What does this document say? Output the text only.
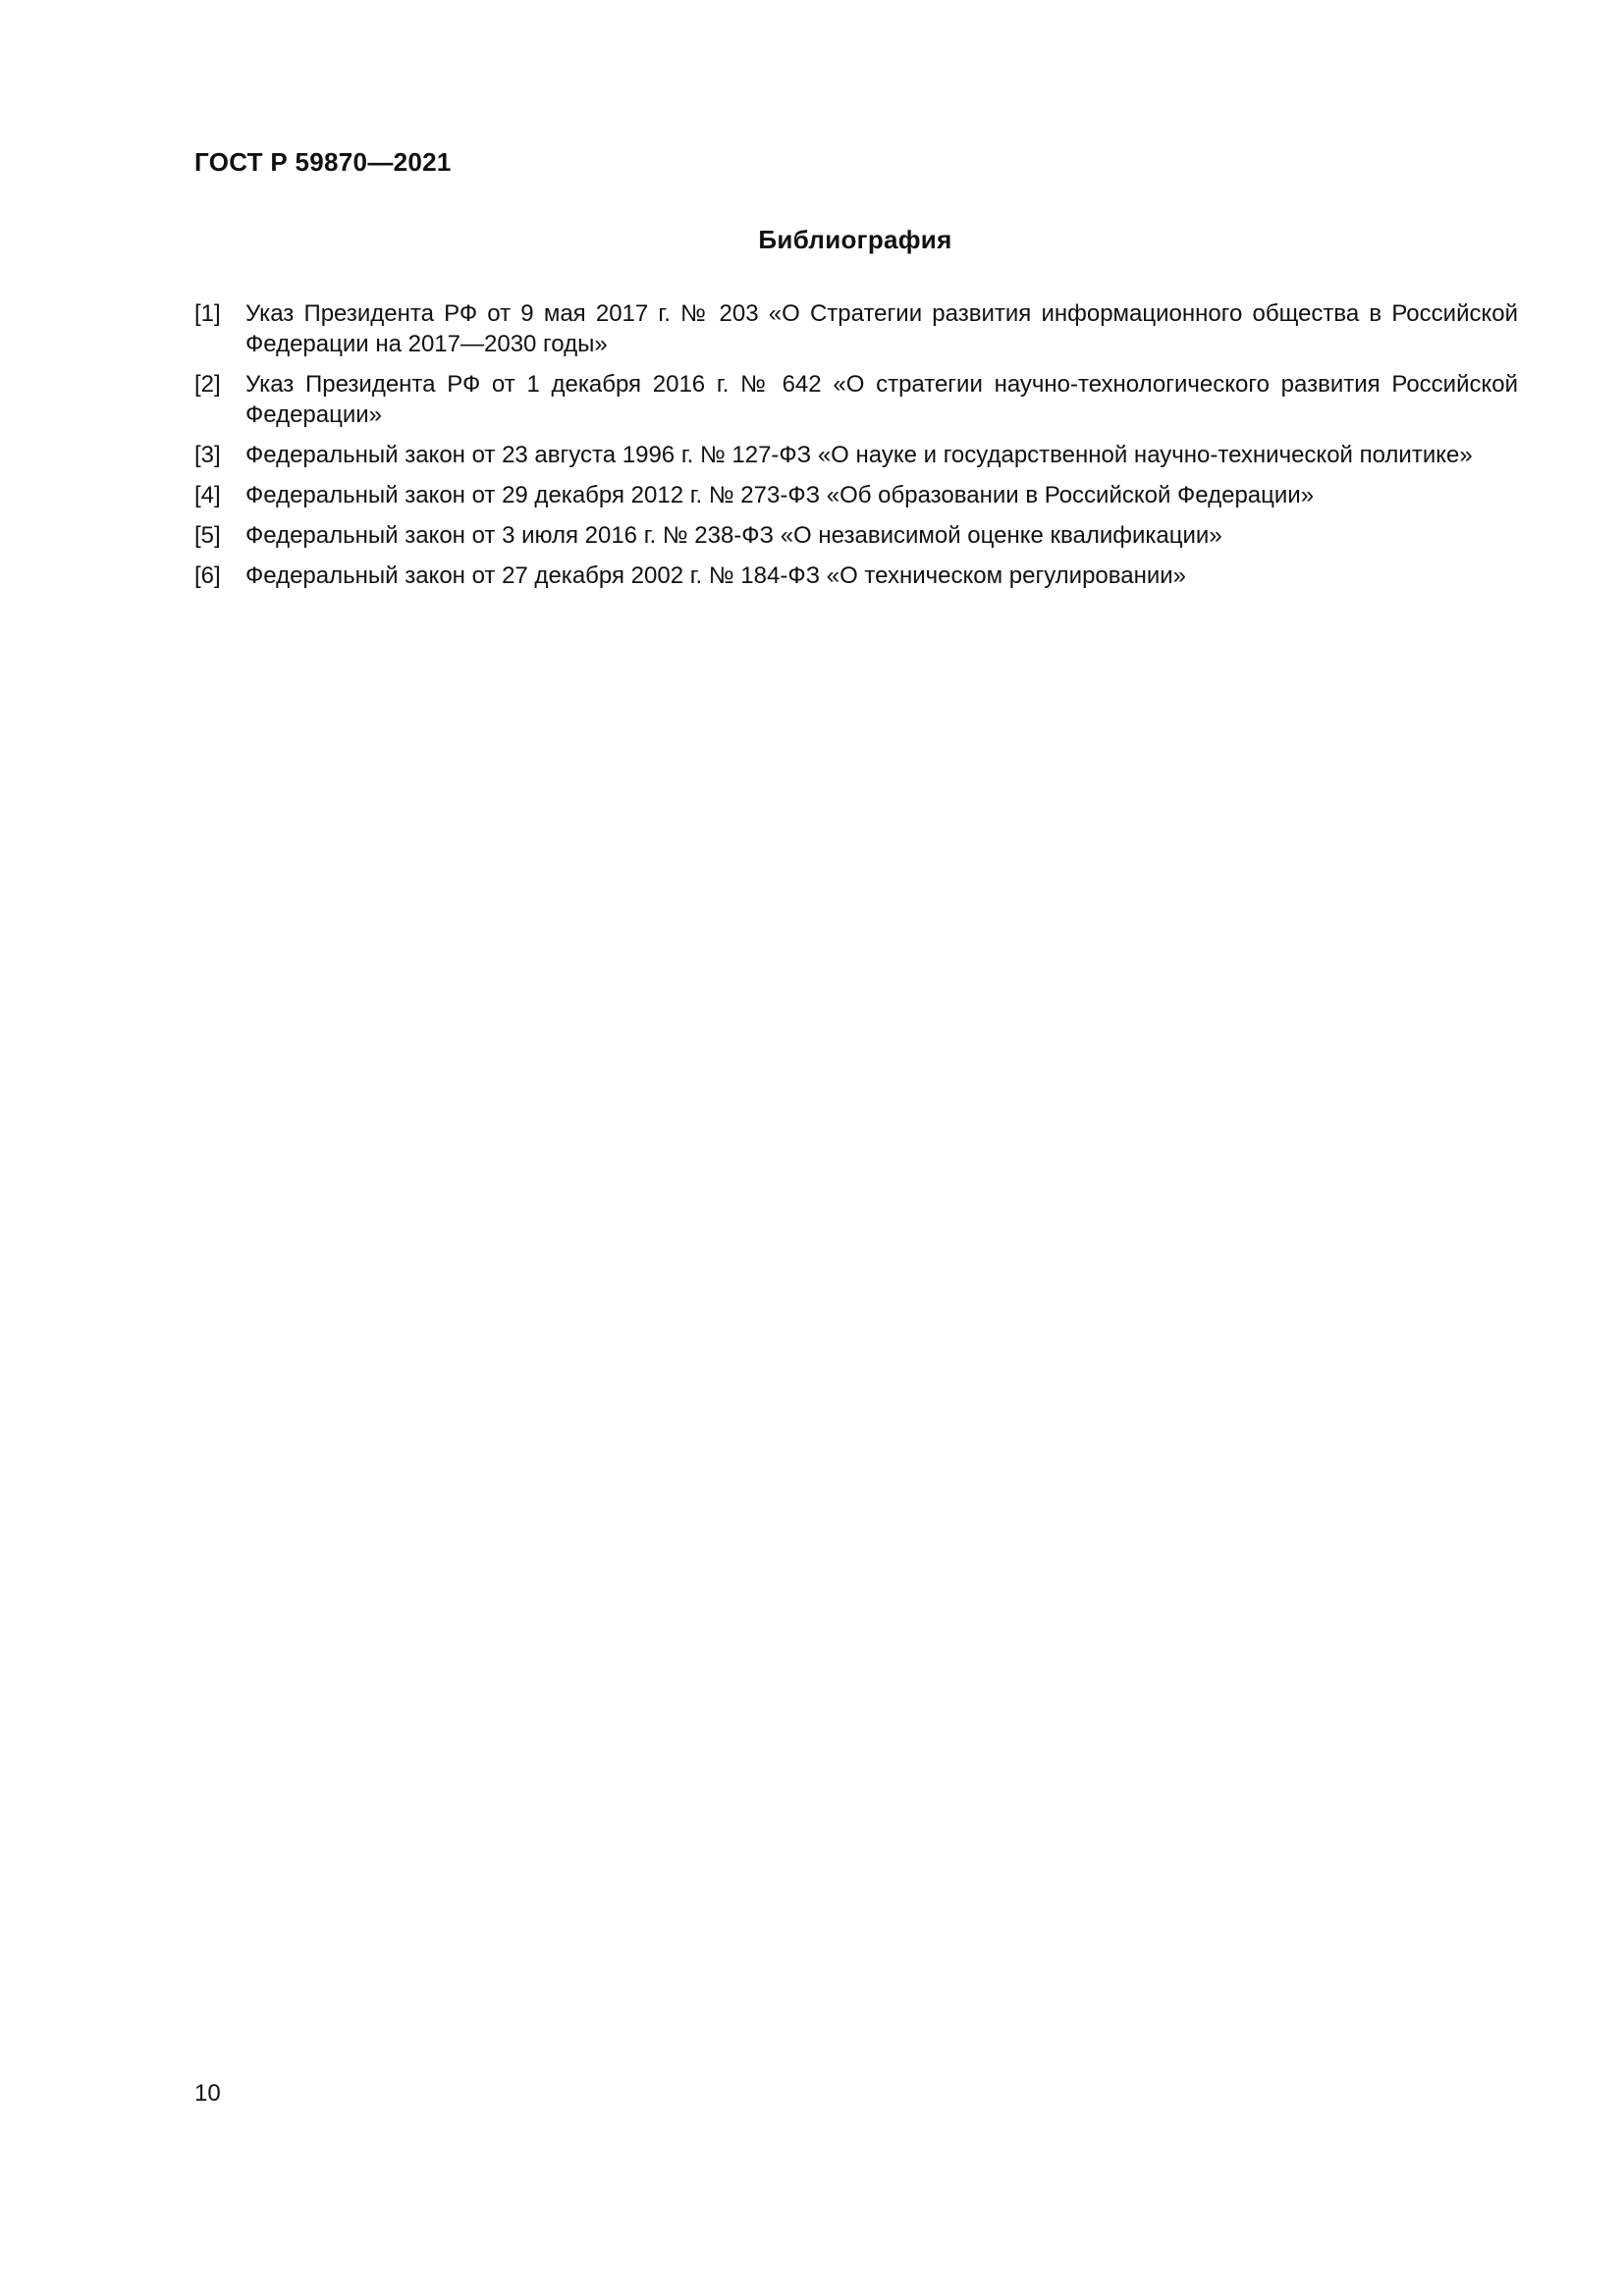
ГОСТ Р 59870—2021
Библиография
[1]	Указ Президента РФ от 9 мая 2017 г. № 203 «О Стратегии развития информационного общества в Российской Федерации на 2017—2030 годы»
[2]	Указ Президента РФ от 1 декабря 2016 г. № 642 «О стратегии научно-технологического развития Российской Федерации»
[3]	Федеральный закон от 23 августа 1996 г. № 127-ФЗ «О науке и государственной научно-технической политике»
[4]	Федеральный закон от 29 декабря 2012 г. № 273-ФЗ «Об образовании в Российской Федерации»
[5]	Федеральный закон от 3 июля 2016 г. № 238-ФЗ «О независимой оценке квалификации»
[6]	Федеральный закон от 27 декабря 2002 г. № 184-ФЗ «О техническом регулировании»
10
